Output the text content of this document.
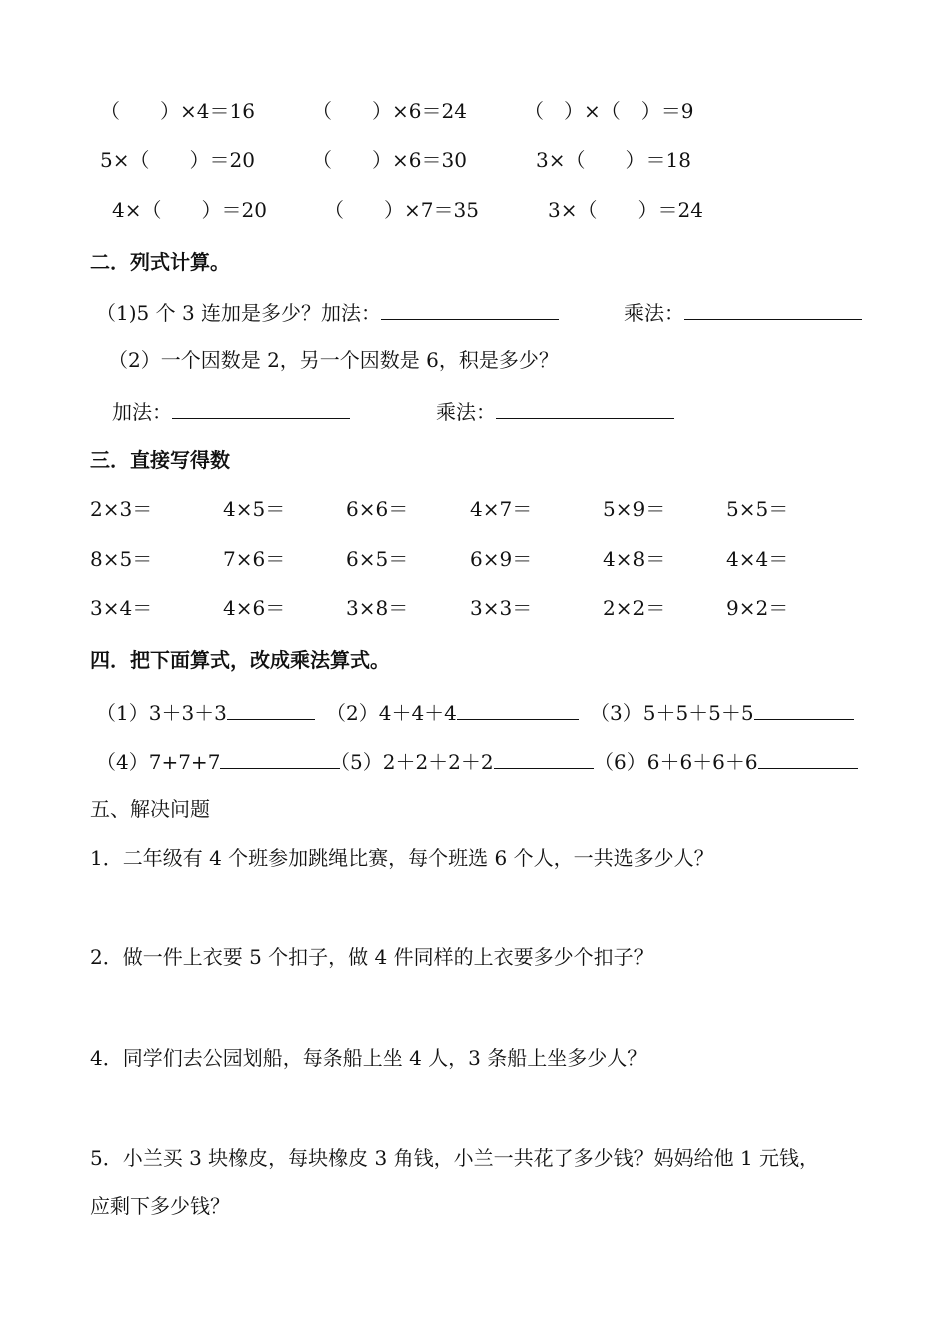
（　　）×4＝16	（　　）×6＝24	（　）×（　）＝9
5×（　　）＝20	（　　）×6＝30	3×（　　）＝18
4×（　　）＝20	（　　）×7＝35	3×（　　）＝24
二．列式计算。
（1)5 个 3 连加是多少？加法：	乘法：
（2）一个因数是 2，另一个因数是 6，积是多少？
加法：	乘法：
三．直接写得数
2×3＝	4×5＝	6×6＝	4×7＝	5×9＝	5×5＝
8×5＝	7×6＝	6×5＝	6×9＝	4×8＝	4×4＝
3×4＝	4×6＝	3×8＝	3×3＝	2×2＝	9×2＝
四．把下面算式，改成乘法算式。
（1）3＋3＋3	（2）4＋4＋4	（3）5＋5＋5＋5
（4）7+7+7	（5）2＋2＋2＋2	（6）6＋6＋6＋6
五、解决问题
1．二年级有 4 个班参加跳绳比赛，每个班选 6 个人，一共选多少人？
2．做一件上衣要 5 个扣子，做 4 件同样的上衣要多少个扣子？
4．同学们去公园划船，每条船上坐 4 人，3 条船上坐多少人？
5．小兰买 3 块橡皮，每块橡皮 3 角钱，小兰一共花了多少钱？妈妈给他 1 元钱，
应剩下多少钱？
